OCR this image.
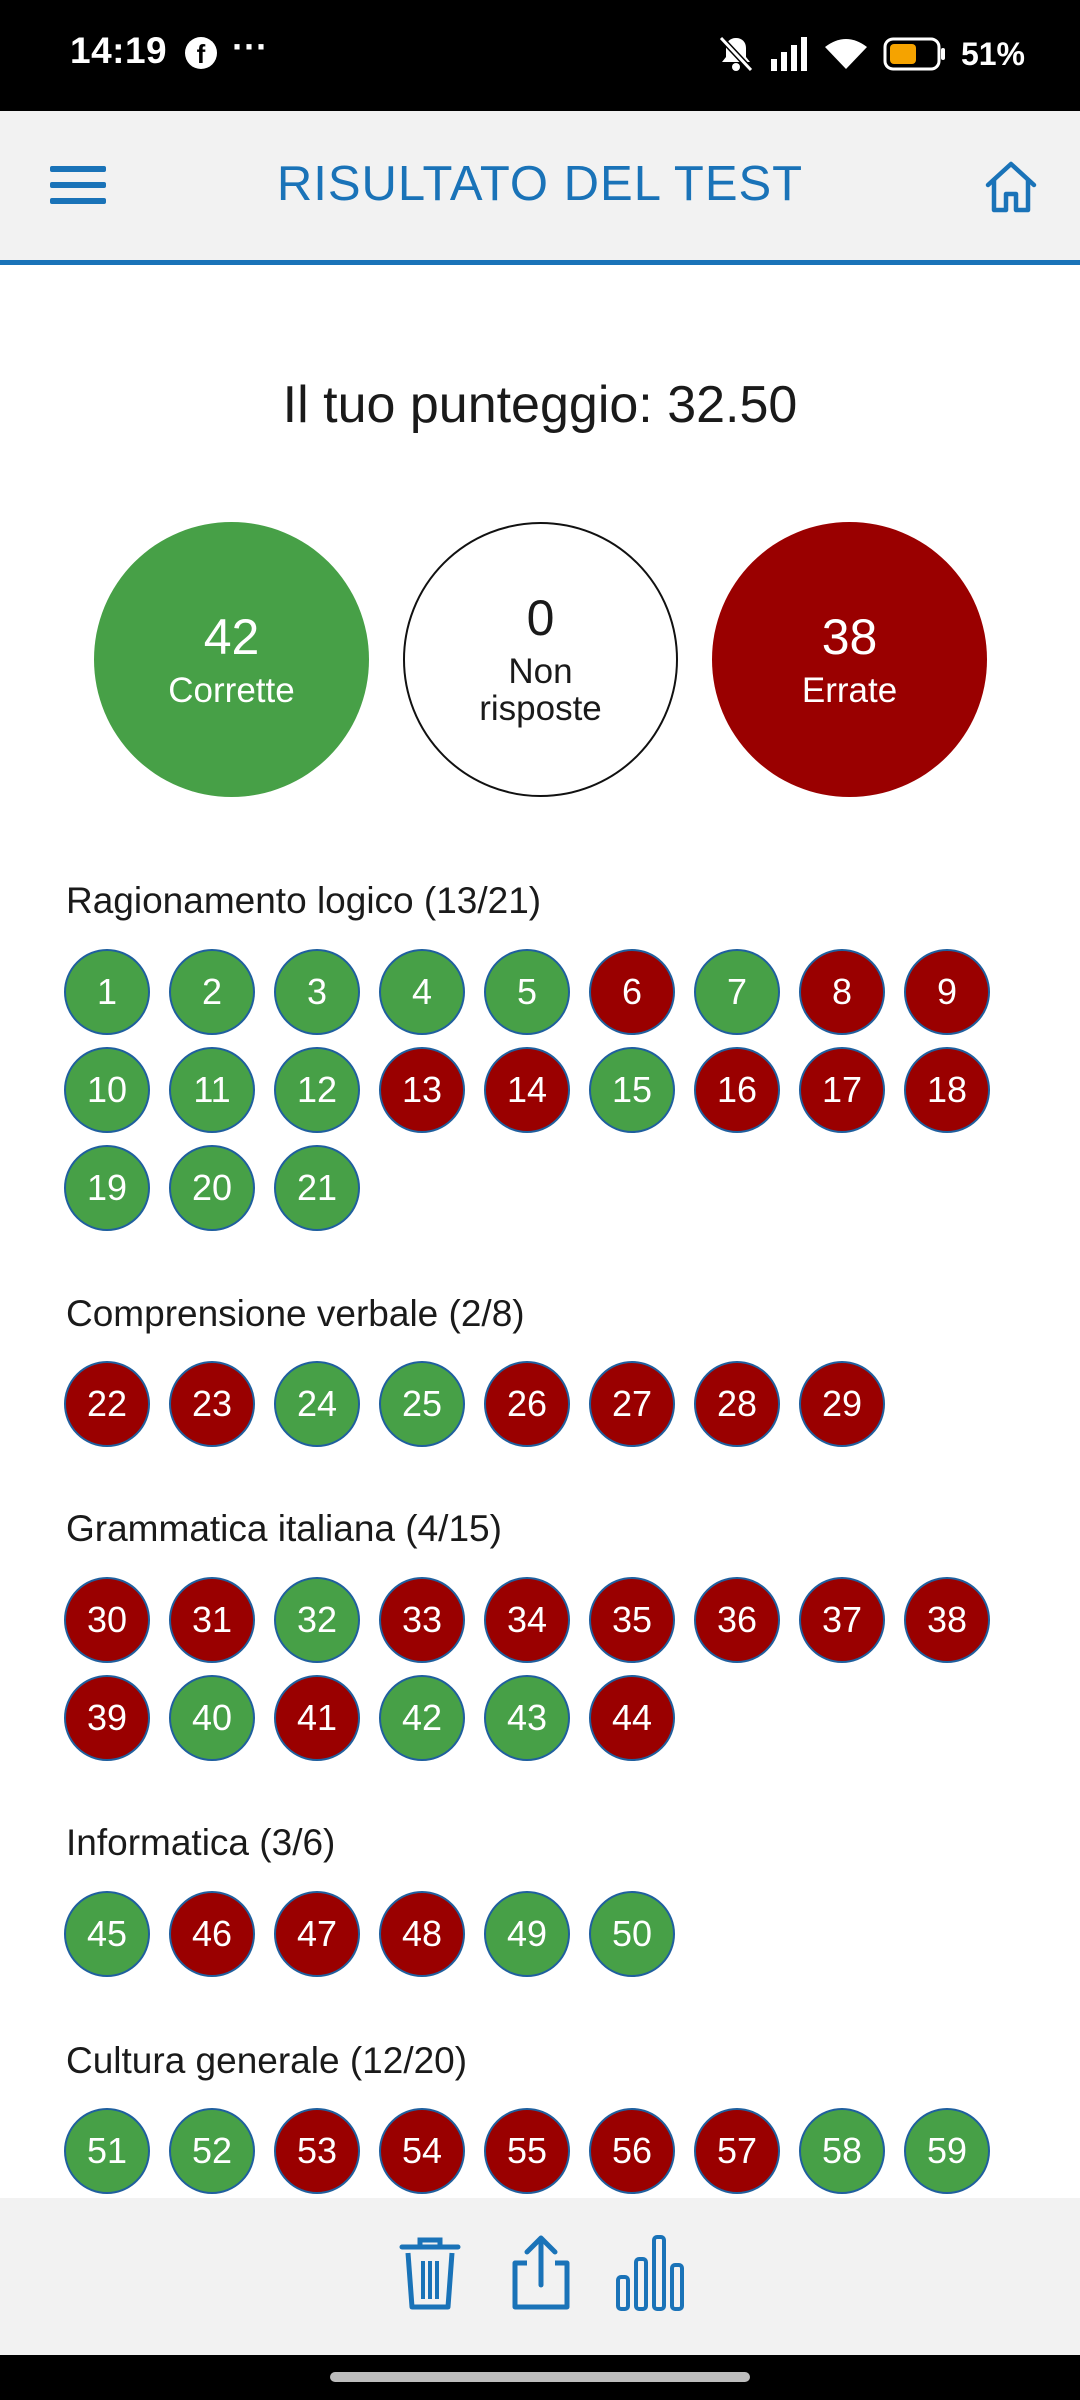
14:19	f ···	51%
RISULTATO DEL TEST
Il tuo punteggio: 32.50
42
Corrette
0
Non risposte
38
Errate
Ragionamento logico (13/21)
1	2	3	4	5	6	7	8	9
10	11	12	13	14	15	16	17	18
19	20	21
Comprensione verbale (2/8)
22	23	24	25	26	27	28	29
Grammatica italiana (4/15)
30	31	32	33	34	35	36	37	38
39	40	41	42	43	44
Informatica (3/6)
45	46	47	48	49	50
Cultura generale (12/20)
51	52	53	54	55	56	57	58	59
